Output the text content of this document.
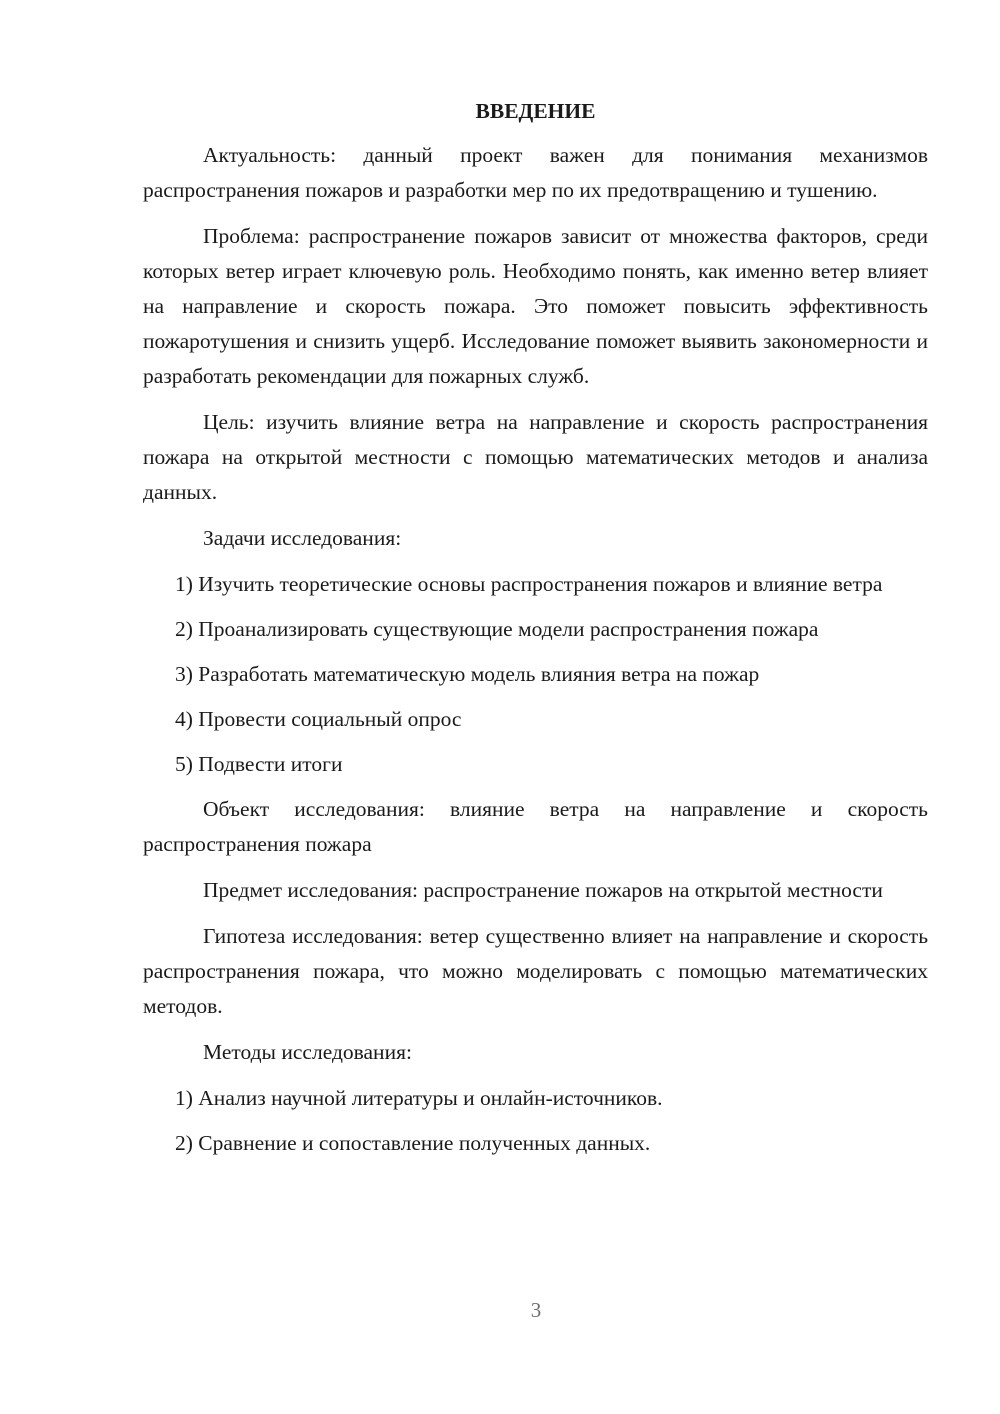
ВВЕДЕНИЕ

Актуальность: данный проект важен для понимания механизмов распространения пожаров и разработки мер по их предотвращению и тушению.

Проблема: распространение пожаров зависит от множества факторов, среди которых ветер играет ключевую роль. Необходимо понять, как именно ветер влияет на направление и скорость пожара. Это поможет повысить эффективность пожаротушения и снизить ущерб. Исследование поможет выявить закономерности и разработать рекомендации для пожарных служб.

Цель: изучить влияние ветра на направление и скорость распространения пожара на открытой местности с помощью математических методов и анализа данных.

Задачи исследования:

1) Изучить теоретические основы распространения пожаров и влияние ветра

2) Проанализировать существующие модели распространения пожара

3) Разработать математическую модель влияния ветра на пожар

4) Провести социальный опрос

5) Подвести итоги

Объект исследования: влияние ветра на направление и скорость распространения пожара

Предмет исследования: распространение пожаров на открытой местности

Гипотеза исследования: ветер существенно влияет на направление и скорость распространения пожара, что можно моделировать с помощью математических методов.

Методы исследования:

1) Анализ научной литературы и онлайн-источников.

2) Сравнение и сопоставление полученных данных.

3
